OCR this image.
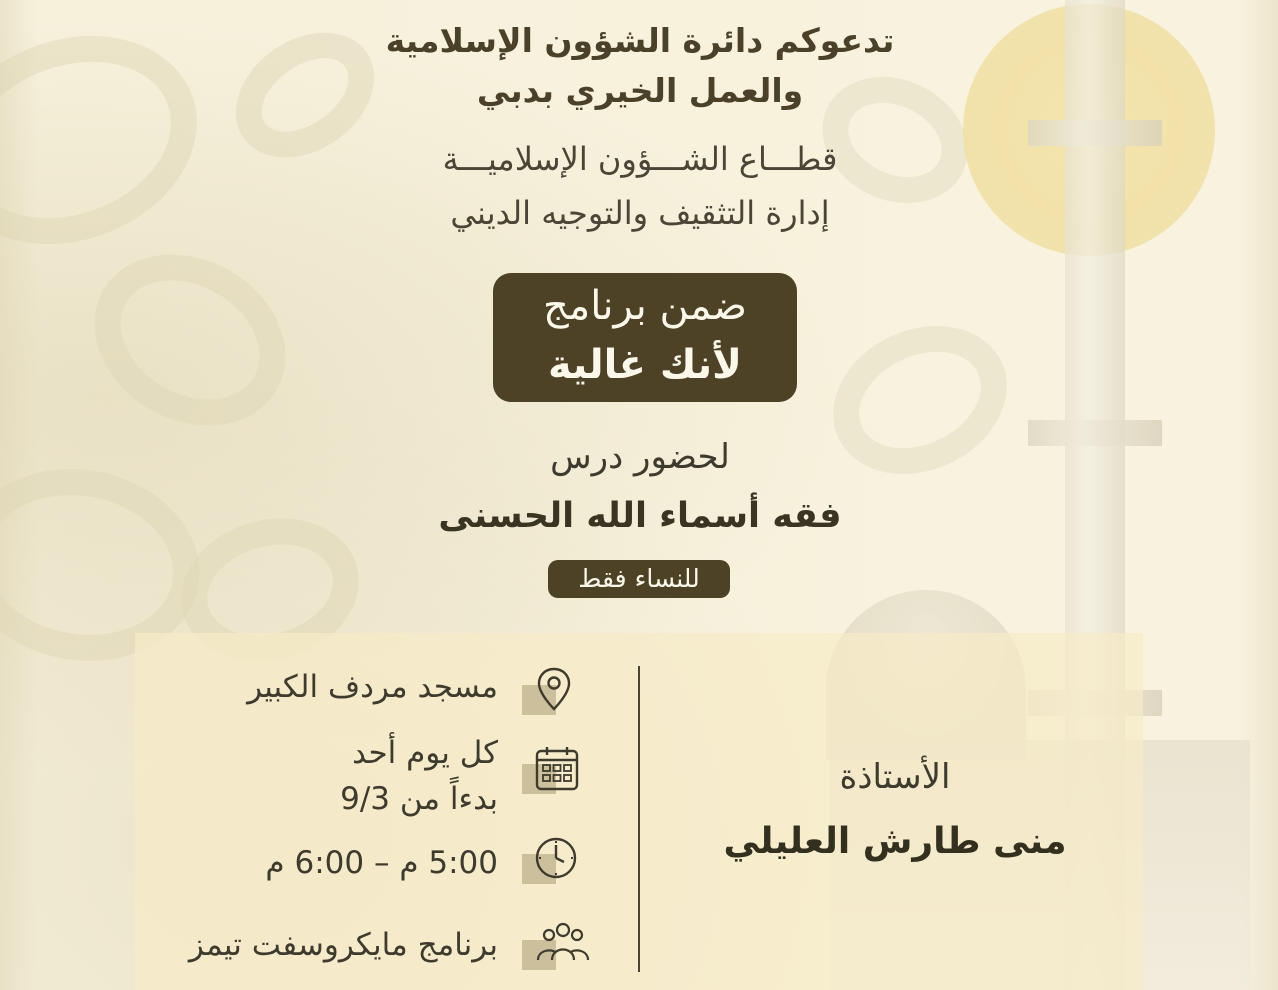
تدعوكم دائرة الشؤون الإسلامية
والعمل الخيري بدبي
قطـــاع الشـــؤون الإسلاميـــة
إدارة التثقيف والتوجيه الديني
ضمن برنامج
لأنك غالية
لحضور درس
فقه أسماء الله الحسنى
للنساء فقط
الأستاذة
منى طارش العليلي
مسجد مردف الكبير
كل يوم أحد
بدءاً من 9/3
5:00 م – 6:00 م
برنامج مايكروسفت تيمز
